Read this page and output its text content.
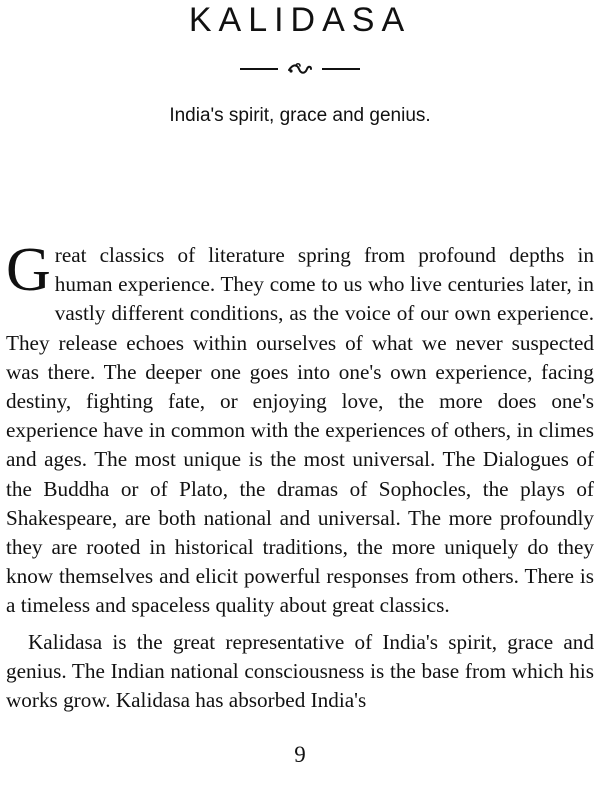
KALIDASA
India's spirit, grace and genius.

Great classics of literature spring from profound depths in human experience. They come to us who live centuries later, in vastly different conditions, as the voice of our own experience. They release echoes within ourselves of what we never suspected was there. The deeper one goes into one's own experience, facing destiny, fighting fate, or enjoying love, the more does one's experience have in common with the experiences of others, in climes and ages. The most unique is the most universal. The Dialogues of the Buddha or of Plato, the dramas of Sophocles, the plays of Shakespeare, are both national and universal. The more profoundly they are rooted in historical traditions, the more uniquely do they know themselves and elicit powerful responses from others. There is a timeless and spaceless quality about great classics.

Kalidasa is the great representative of India's spirit, grace and genius. The Indian national consciousness is the base from which his works grow. Kalidasa has absorbed India's

9
